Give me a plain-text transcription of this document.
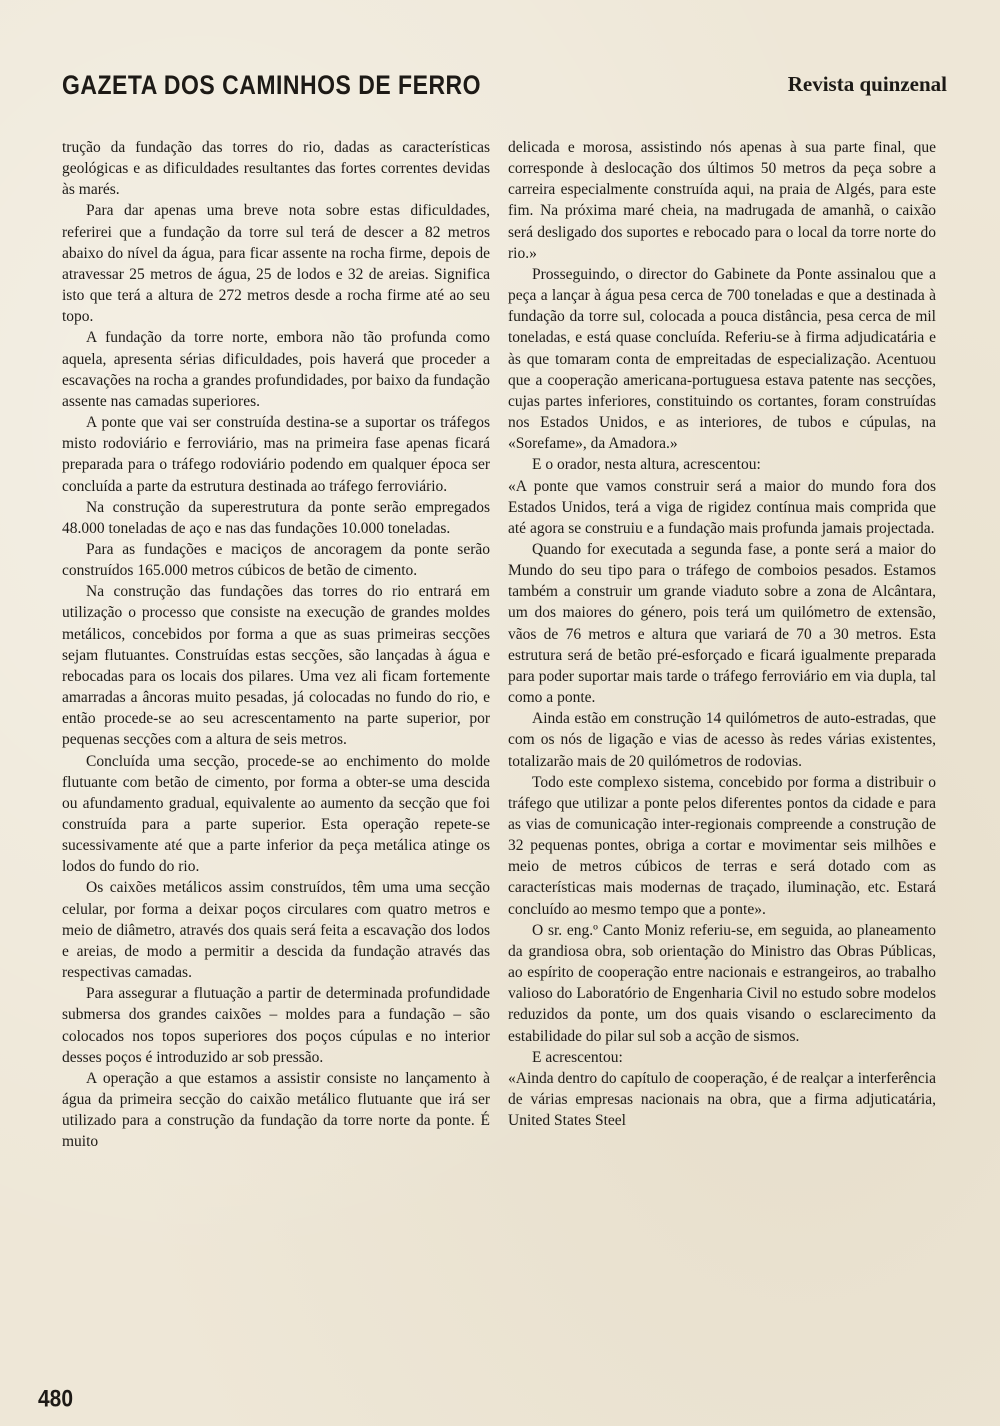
GAZETA DOS CAMINHOS DE FERRO	Revista quinzenal

trução da fundação das torres do rio, dadas as características geológicas e as dificuldades resultantes das fortes correntes devidas às marés.

Para dar apenas uma breve nota sobre estas dificuldades, referirei que a fundação da torre sul terá de descer a 82 metros abaixo do nível da água, para ficar assente na rocha firme, depois de atravessar 25 metros de água, 25 de lodos e 32 de areias. Significa isto que terá a altura de 272 metros desde a rocha firme até ao seu topo.

A fundação da torre norte, embora não tão profunda como aquela, apresenta sérias dificuldades, pois haverá que proceder a escavações na rocha a grandes profundidades, por baixo da fundação assente nas camadas superiores.

A ponte que vai ser construída destina-se a suportar os tráfegos misto rodoviário e ferroviário, mas na primeira fase apenas ficará preparada para o tráfego rodoviário podendo em qualquer época ser concluída a parte da estrutura destinada ao tráfego ferroviário.

Na construção da superestrutura da ponte serão empregados 48.000 toneladas de aço e nas das fundações 10.000 toneladas.

Para as fundações e maciços de ancoragem da ponte serão construídos 165.000 metros cúbicos de betão de cimento.

Na construção das fundações das torres do rio entrará em utilização o processo que consiste na execução de grandes moldes metálicos, concebidos por forma a que as suas primeiras secções sejam flutuantes. Construídas estas secções, são lançadas à água e rebocadas para os locais dos pilares. Uma vez ali ficam fortemente amarradas a âncoras muito pesadas, já colocadas no fundo do rio, e então procede-se ao seu acrescentamento na parte superior, por pequenas secções com a altura de seis metros.

Concluída uma secção, procede-se ao enchimento do molde flutuante com betão de cimento, por forma a obter-se uma descida ou afundamento gradual, equivalente ao aumento da secção que foi construída para a parte superior. Esta operação repete-se sucessivamente até que a parte inferior da peça metálica atinge os lodos do fundo do rio.

Os caixões metálicos assim construídos, têm uma uma secção celular, por forma a deixar poços circulares com quatro metros e meio de diâmetro, através dos quais será feita a escavação dos lodos e areias, de modo a permitir a descida da fundação através das respectivas camadas.

Para assegurar a flutuação a partir de determinada profundidade submersa dos grandes caixões – moldes para a fundação – são colocados nos topos superiores dos poços cúpulas e no interior desses poços é introduzido ar sob pressão.

A operação a que estamos a assistir consiste no lançamento à água da primeira secção do caixão metálico flutuante que irá ser utilizado para a construção da fundação da torre norte da ponte. É muito

delicada e morosa, assistindo nós apenas à sua parte final, que corresponde à deslocação dos últimos 50 metros da peça sobre a carreira especialmente construída aqui, na praia de Algés, para este fim. Na próxima maré cheia, na madrugada de amanhã, o caixão será desligado dos suportes e rebocado para o local da torre norte do rio.»

Prosseguindo, o director do Gabinete da Ponte assinalou que a peça a lançar à água pesa cerca de 700 toneladas e que a destinada à fundação da torre sul, colocada a pouca distância, pesa cerca de mil toneladas, e está quase concluída. Referiu-se à firma adjudicatária e às que tomaram conta de empreitadas de especialização. Acentuou que a cooperação americana-portuguesa estava patente nas secções, cujas partes inferiores, constituindo os cortantes, foram construídas nos Estados Unidos, e as interiores, de tubos e cúpulas, na «Sorefame», da Amadora.»

E o orador, nesta altura, acrescentou:

«A ponte que vamos construir será a maior do mundo fora dos Estados Unidos, terá a viga de rigidez contínua mais comprida que até agora se construiu e a fundação mais profunda jamais projectada.

Quando for executada a segunda fase, a ponte será a maior do Mundo do seu tipo para o tráfego de comboios pesados. Estamos também a construir um grande viaduto sobre a zona de Alcântara, um dos maiores do género, pois terá um quilómetro de extensão, vãos de 76 metros e altura que variará de 70 a 30 metros. Esta estrutura será de betão pré-esforçado e ficará igualmente preparada para poder suportar mais tarde o tráfego ferroviário em via dupla, tal como a ponte.

Ainda estão em construção 14 quilómetros de auto-estradas, que com os nós de ligação e vias de acesso às redes várias existentes, totalizarão mais de 20 quilómetros de rodovias.

Todo este complexo sistema, concebido por forma a distribuir o tráfego que utilizar a ponte pelos diferentes pontos da cidade e para as vias de comunicação inter-regionais compreende a construção de 32 pequenas pontes, obriga a cortar e movimentar seis milhões e meio de metros cúbicos de terras e será dotado com as características mais modernas de traçado, iluminação, etc. Estará concluído ao mesmo tempo que a ponte».

O sr. eng.º Canto Moniz referiu-se, em seguida, ao planeamento da grandiosa obra, sob orientação do Ministro das Obras Públicas, ao espírito de cooperação entre nacionais e estrangeiros, ao trabalho valioso do Laboratório de Engenharia Civil no estudo sobre modelos reduzidos da ponte, um dos quais visando o esclarecimento da estabilidade do pilar sul sob a acção de sismos.

E acrescentou:

«Ainda dentro do capítulo de cooperação, é de realçar a interferência de várias empresas nacionais na obra, que a firma adjuticatária, United States Steel

480
